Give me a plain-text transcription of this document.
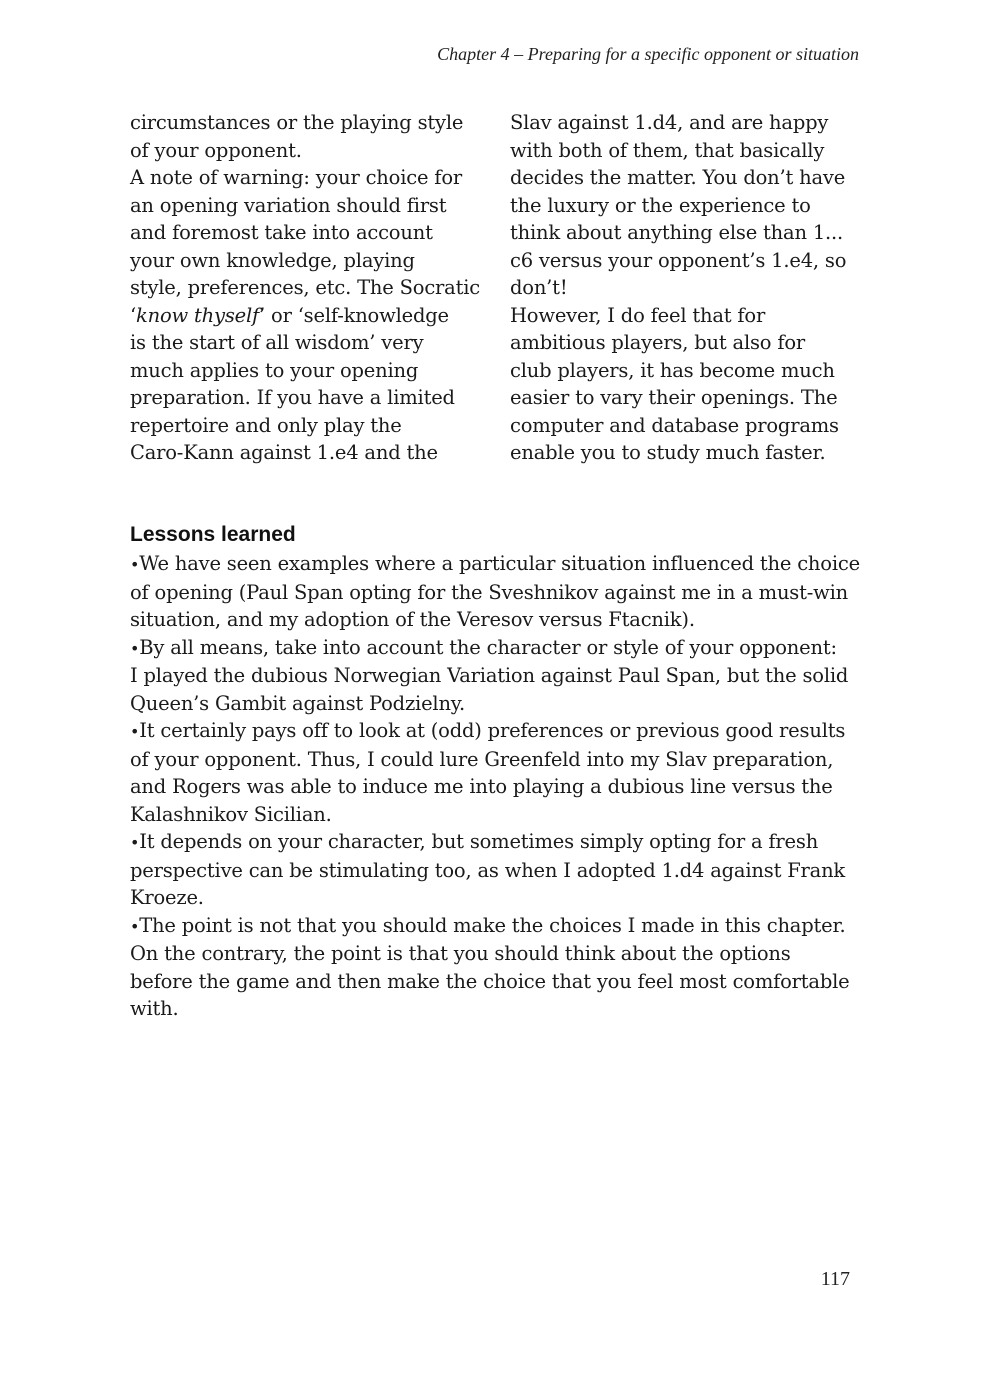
Chapter 4 – Preparing for a specific opponent or situation
circumstances or the playing style
of your opponent.
A note of warning: your choice for
an opening variation should first
and foremost take into account
your own knowledge, playing
style, preferences, etc. The Socratic
‘know thyself’ or ‘self-knowledge
is the start of all wisdom’ very
much applies to your opening
preparation. If you have a limited
repertoire and only play the
Caro-Kann against 1.e4 and the
Slav against 1.d4, and are happy
with both of them, that basically
decides the matter. You don’t have
the luxury or the experience to
think about anything else than 1...
c6 versus your opponent’s 1.e4, so
don’t!
However, I do feel that for
ambitious players, but also for
club players, it has become much
easier to vary their openings. The
computer and database programs
enable you to study much faster.
Lessons learned
•We have seen examples where a particular situation influenced the choice
of opening (Paul Span opting for the Sveshnikov against me in a must-win
situation, and my adoption of the Veresov versus Ftacnik).
•By all means, take into account the character or style of your opponent:
I played the dubious Norwegian Variation against Paul Span, but the solid
Queen’s Gambit against Podzielny.
•It certainly pays off to look at (odd) preferences or previous good results
of your opponent. Thus, I could lure Greenfeld into my Slav preparation,
and Rogers was able to induce me into playing a dubious line versus the
Kalashnikov Sicilian.
•It depends on your character, but sometimes simply opting for a fresh
perspective can be stimulating too, as when I adopted 1.d4 against Frank
Kroeze.
•The point is not that you should make the choices I made in this chapter.
On the contrary, the point is that you should think about the options
before the game and then make the choice that you feel most comfortable
with.
117
